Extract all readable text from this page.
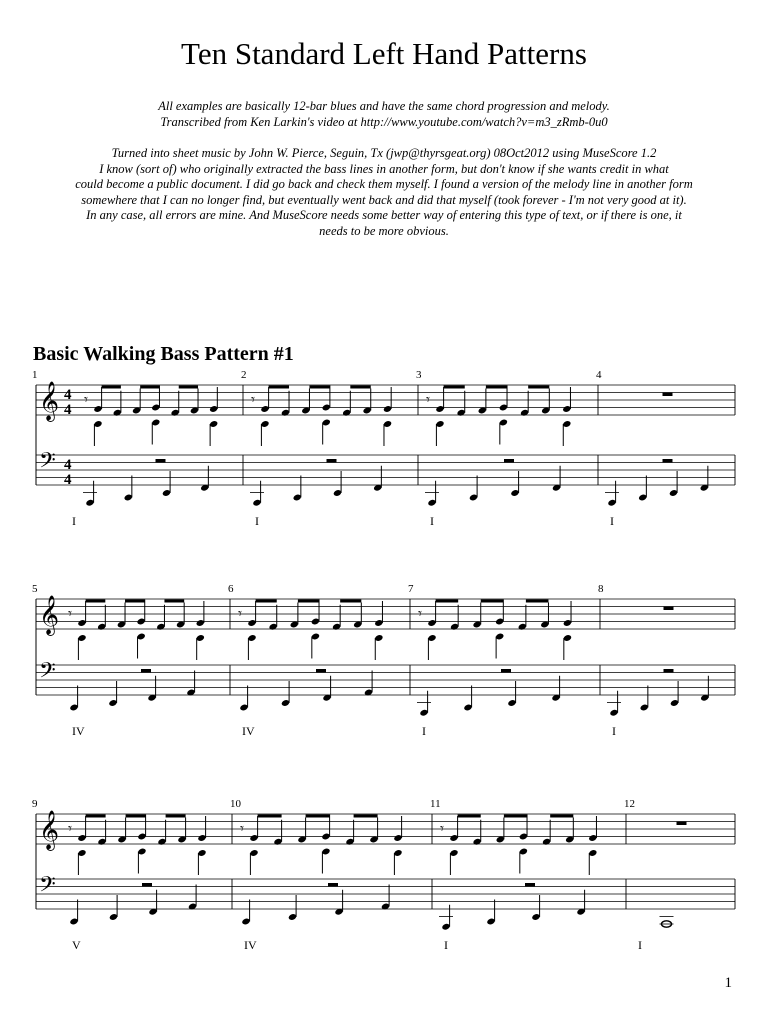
Ten Standard Left Hand Patterns
All examples are basically 12-bar blues and have the same chord progression and melody.
Transcribed from Ken Larkin's video at http://www.youtube.com/watch?v=m3_zRmb-0u0
Turned into sheet music by John W. Pierce, Seguin, Tx (jwp@thyrsgeat.org) 08Oct2012 using MuseScore 1.2
I know (sort of) who originally extracted the bass lines in another form, but don't know if she wants credit in what
could become a public document. I did go back and check them myself. I found a version of the melody line in another form
somewhere that I can no longer find, but eventually went back and did that myself (took forever - I'm not very good at it).
In any case, all errors are mine. And MuseScore needs some better way of entering this type of text, or if there is one, it
needs to be more obvious.
Basic Walking Bass Pattern #1
𝄞
𝄢
4
4
4
4
1
I
𝄾
2
I
𝄾
3
I
𝄾
4
I
𝄞
𝄢
5
IV
𝄾
6
IV
𝄾
7
I
𝄾
8
I
𝄞
𝄢
9
V
𝄾
10
IV
𝄾
11
I
𝄾
12
I
1
